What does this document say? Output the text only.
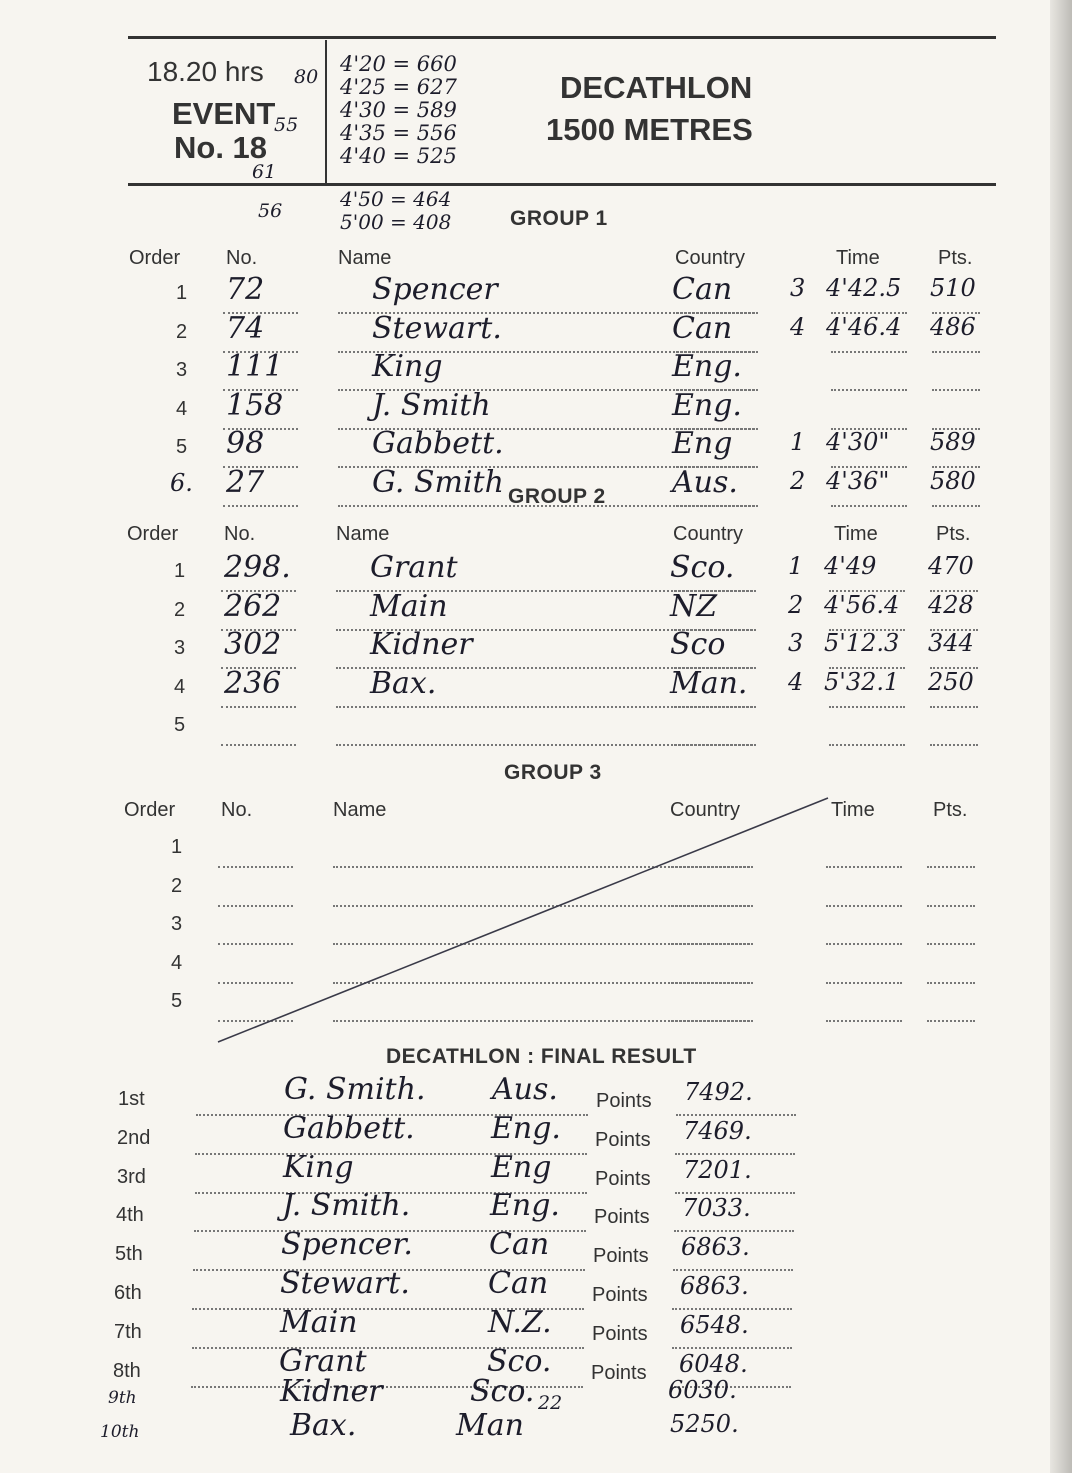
18.20 hrs
EVENT
No. 18
80
55
61
4'20 = 660
4'25 = 627
4'30 = 589
4'35 = 556
4'40 = 525
DECATHLON
1500 METRES
56	4'50 = 464
5'00 = 408	GROUP 1
Order No.	Name	Country	Time	Pts.
1 72	Spencer	Can 3 4'42.5 510
2 74	Stewart.	Can 4 4'46.4 486
3 111	King	Eng.
4 158	J. Smith	Eng.
5 98	Gabbett.	Eng 1 4'30" 589
6. 27	G. Smith	Aus. 2 4'36" 580
GROUP 2
Order No.	Name	Country	Time	Pts.
1 298.	Grant	Sco. 1 4'49 470
2 262	Main	NZ	2 4'56.4 428
3 302	Kidner	Sco	3 5'12.3 344
4 236	Bax.	Man. 4 5'32.1 250
5
GROUP 3
Order No.	Name	Country	Time	Pts.
1
2
3
4
5
DECATHLON : FINAL RESULT
1st	G. Smith. Aus. Points 7492.
2nd	Gabbett.	Eng. Points 7469.
3rd	King	Eng Points 7201.
4th	J. Smith.	Eng. Points 7033.
5th	Spencer.	Can Points 6863.
6th	Stewart.	Can Points 6863.
7th	Main	N.Z. Points 6548.
8th	Grant	Sco. Points 6048.
9th	Kidner	Sco. 22	6030.
10th	Bax.	Man	5250.
